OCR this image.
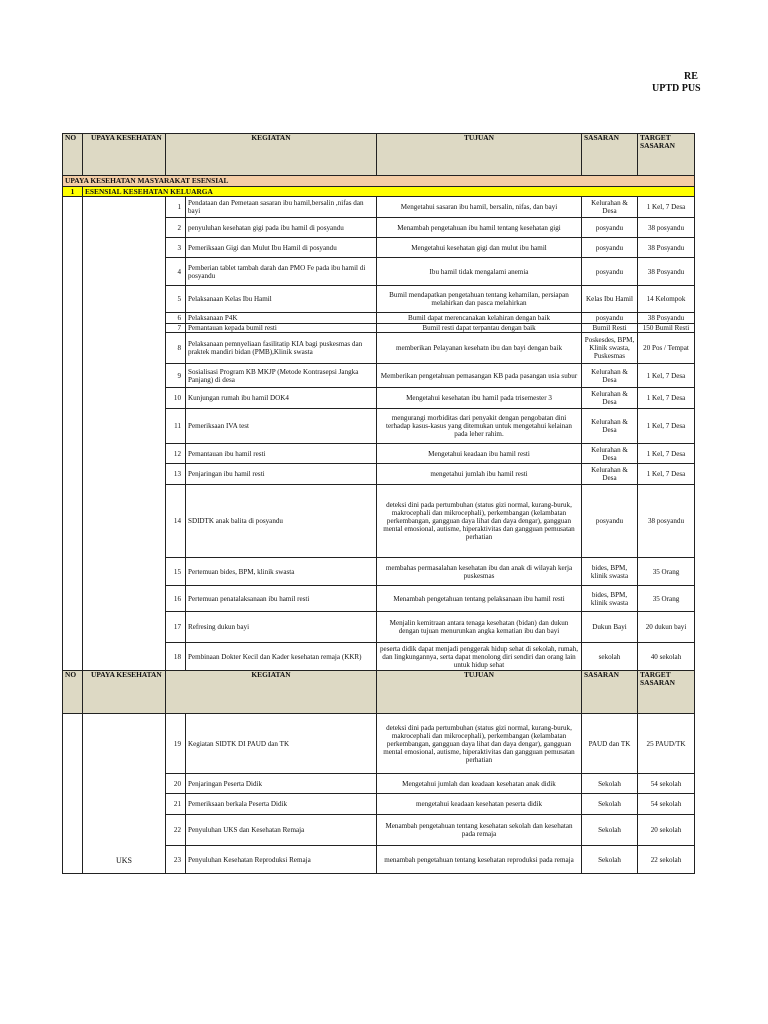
RE
UPTD PUS
NO	UPAYA KESEHATAN	KEGIATAN		TUJUAN	SASARAN	TARGET SASARAN
UPAYA KESEHATAN MASYARAKAT ESENSIAL						
1	ESENSIAL KESEHATAN KELUARGA					
		1	Pendataan dan Pemetaan sasaran ibu hamil,bersalin ,nifas dan bayi	Mengetahui sasaran ibu hamil, bersalin, nifas, dan bayi	Kelurahan & Desa	1 Kel, 7 Desa
		2	penyuluhan kesehatan gigi pada ibu hamil di posyandu	Menambah pengetahuan ibu hamil tentang kesehatan gigi	posyandu	38 posyandu
		3	Pemeriksaan Gigi dan Mulut Ibu Hamil di posyandu	Mengetahui kesehatan gigi dan mulut ibu hamil	posyandu	38 Posyandu
		4	Pemberian tablet tambah darah dan PMO Fe pada ibu hamil di posyandu	Ibu hamil tidak mengalami anemia	posyandu	38 Posyandu
		5	Pelaksanaan Kelas Ibu Hamil	Bumil mendapatkan pengetahuan tentang kehamilan, persiapan melahirkan dan pasca melahirkan	Kelas Ibu Hamil	14 Kelompok
		6	Pelaksanaan P4K	Bumil dapat merencanakan kelahiran dengan baik	posyandu	38 Posyandu
		7	Pemantauan kepada bumil resti	Bumil resti dapat terpantau dengan baik	Bumil Resti	150 Bumil Resti
		8	Pelaksanaan pemnyeliaan fasilitatip KIA bagi puskesmas dan praktek mandiri bidan (PMB),Klinik swasta	memberikan Pelayanan kesehatn ibu dan bayi dengan baik	Poskesdes, BPM, Klinik swasta, Puskesmas	20 Pos / Tempat
		9	Sosialisasi Program KB MKJP (Metode Kontrasepsi Jangka Panjang) di desa	Memberikan pengetahuan pemasangan KB pada pasangan usia subur	Kelurahan & Desa	1 Kel, 7 Desa
		10	Kunjungan rumah ibu hamil DOK4	Mengetahui kesehatan ibu hamil pada trisemester 3	Kelurahan & Desa	1 Kel, 7 Desa
		11	Pemeriksaan IVA test	mengurangi morbiditas dari penyakit dengan pengobatan dini terhadap kasus-kasus yang ditemukan untuk mengetahui kelainan pada leher rahim.	Kelurahan & Desa	1 Kel, 7 Desa
		12	Pemantauan ibu hamil resti	Mengetahui keadaan ibu hamil resti	Kelurahan & Desa	1 Kel, 7 Desa
		13	Penjaringan ibu hamil resti	mengetahui jumlah ibu hamil resti	Kelurahan & Desa	1 Kel, 7 Desa
		14	SDIDTK anak balita di posyandu	deteksi dini pada pertumbuhan (status gizi normal, kurang-buruk, makrocephali dan mikrocephali), perkembangan (kelambatan perkembangan, gangguan daya lihat dan daya dengar), gangguan mental emosional, autisme, hiperaktivitas dan gangguan pemusatan perhatian	posyandu	38 posyandu
		15	Pertemuan bides, BPM, klinik swasta	membahas permasalahan kesehatan ibu dan anak di wilayah kerja puskesmas	bides, BPM, klinik swasta	35 Orang
		16	Pertemuan penatalaksanaan ibu hamil resti	Menambah pengetahuan tentang pelaksanaan ibu hamil resti	bides, BPM, klinik swasta	35 Orang
		17	Refresing dukun bayi	Menjalin kemitraan antara tenaga kesehatan (bidan) dan dukun dengan tujuan menurunkan angka kematian ibu dan bayi	Dukun Bayi	20 dukun bayi
		18	Pembinaan Dokter Kecil dan Kader kesehatan remaja (KKR)	peserta didik dapat menjadi penggerak hidup sehat di sekolah, rumah, dan lingkungannya, serta dapat menolong diri sendiri dan orang lain untuk hidup sehat	sekolah	40 sekolah
NO	UPAYA KESEHATAN	KEGIATAN		TUJUAN	SASARAN	TARGET SASARAN
	UKS	19	Kegiatan SIDTK DI PAUD dan TK	deteksi dini pada pertumbuhan (status gizi normal, kurang-buruk, makrocephali dan mikrocephali), perkembangan (kelambatan perkembangan, gangguan daya lihat dan daya dengar), gangguan mental emosional, autisme, hiperaktivitas dan gangguan pemusatan perhatian	PAUD dan TK	25 PAUD/TK
		20	Penjaringan Peserta Didik	Mengetahui jumlah dan keadaan kesehatan anak didik	Sekolah	54 sekolah
		21	Pemeriksaan berkala Peserta Didik	mengetahui keadaan kesehatan peserta didik	Sekolah	54 sekolah
		22	Penyuluhan UKS dan Kesehatan Remaja	Menambah pengetahuan tentang kesehatan sekolah dan kesehatan pada remaja	Sekolah	20 sekolah
		23	Penyuluhan Kesehatan Reproduksi Remaja	menambah pengetahuan tentang kesehatan reproduksi pada remaja	Sekolah	22 sekolah
